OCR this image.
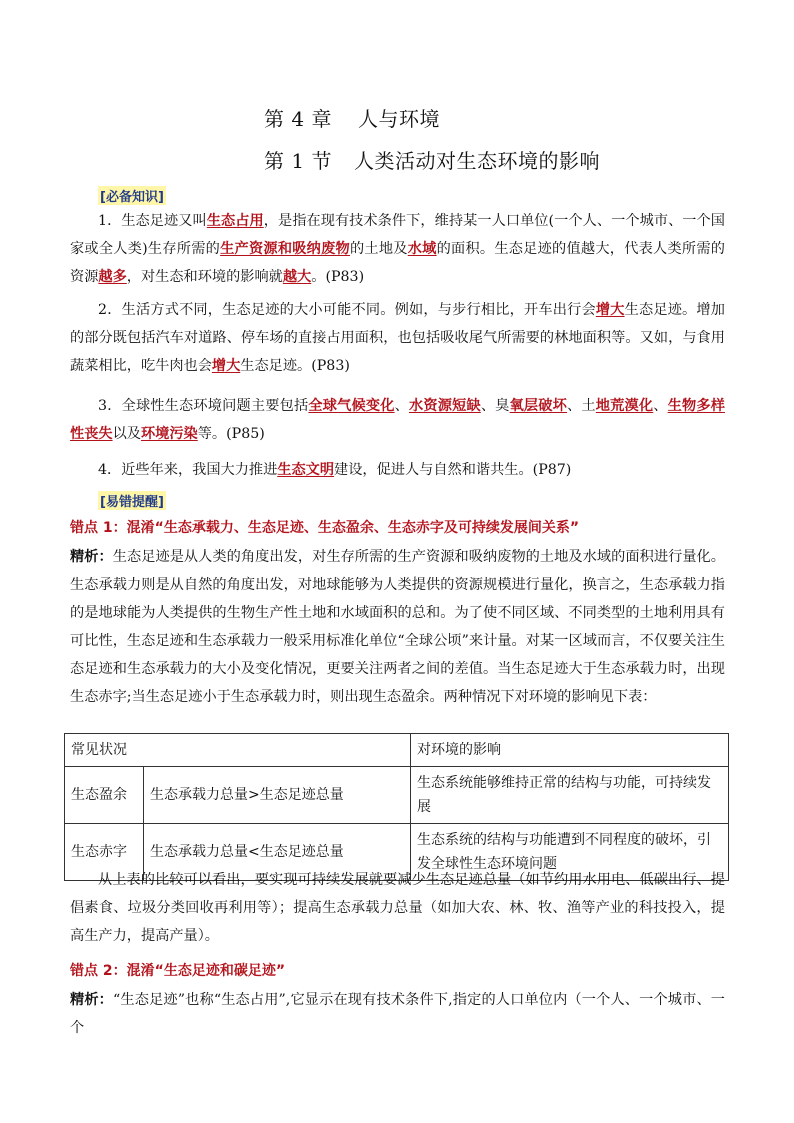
第 4 章 人与环境
第 1 节 人类活动对生态环境的影响
[必备知识]

1．生态足迹又叫生态占用，是指在现有技术条件下，维持某一人口单位(一个人、一个城市、一个国家或全人类)生存所需的生产资源和吸纳废物的土地及水域的面积。生态足迹的值越大，代表人类所需的资源越多，对生态和环境的影响就越大。(P83)

2．生活方式不同，生态足迹的大小可能不同。例如，与步行相比，开车出行会增大生态足迹。增加的部分既包括汽车对道路、停车场的直接占用面积，也包括吸收尾气所需要的林地面积等。又如，与食用蔬菜相比，吃牛肉也会增大生态足迹。(P83)

3．全球性生态环境问题主要包括全球气候变化、水资源短缺、臭氧层破坏、土地荒漠化、生物多样性丧失以及环境污染等。(P85)

4．近些年来，我国大力推进生态文明建设，促进人与自然和谐共生。(P87)

[易错提醒]
错点 1：混淆“生态承载力、生态足迹、生态盈余、生态赤字及可持续发展间关系”

精析：生态足迹是从人类的角度出发，对生存所需的生产资源和吸纳废物的土地及水域的面积进行量化。生态承载力则是从自然的角度出发，对地球能够为人类提供的资源规模进行量化，换言之，生态承载力指的是地球能为人类提供的生物生产性土地和水域面积的总和。为了使不同区域、不同类型的土地利用具有可比性，生态足迹和生态承载力一般采用标准化单位“全球公顷”来计量。对某一区域而言，不仅要关注生态足迹和生态承载力的大小及变化情况，更要关注两者之间的差值。当生态足迹大于生态承载力时，出现生态赤字;当生态足迹小于生态承载力时，则出现生态盈余。两种情况下对环境的影响见下表：

常见状况		对环境的影响
生态盈余	生态承载力总量>生态足迹总量	生态系统能够维持正常的结构与功能，可持续发展
生态赤字	生态承载力总量<生态足迹总量	生态系统的结构与功能遭到不同程度的破坏，引发全球性生态环境问题

从上表的比较可以看出，要实现可持续发展就要减少生态足迹总量（如节约用水用电、低碳出行、提倡素食、垃圾分类回收再利用等）；提高生态承载力总量（如加大农、林、牧、渔等产业的科技投入，提高生产力，提高产量）。

错点 2：混淆“生态足迹和碳足迹”

精析：“生态足迹”也称“生态占用”,它显示在现有技术条件下,指定的人口单位内（一个人、一个城市、一个
